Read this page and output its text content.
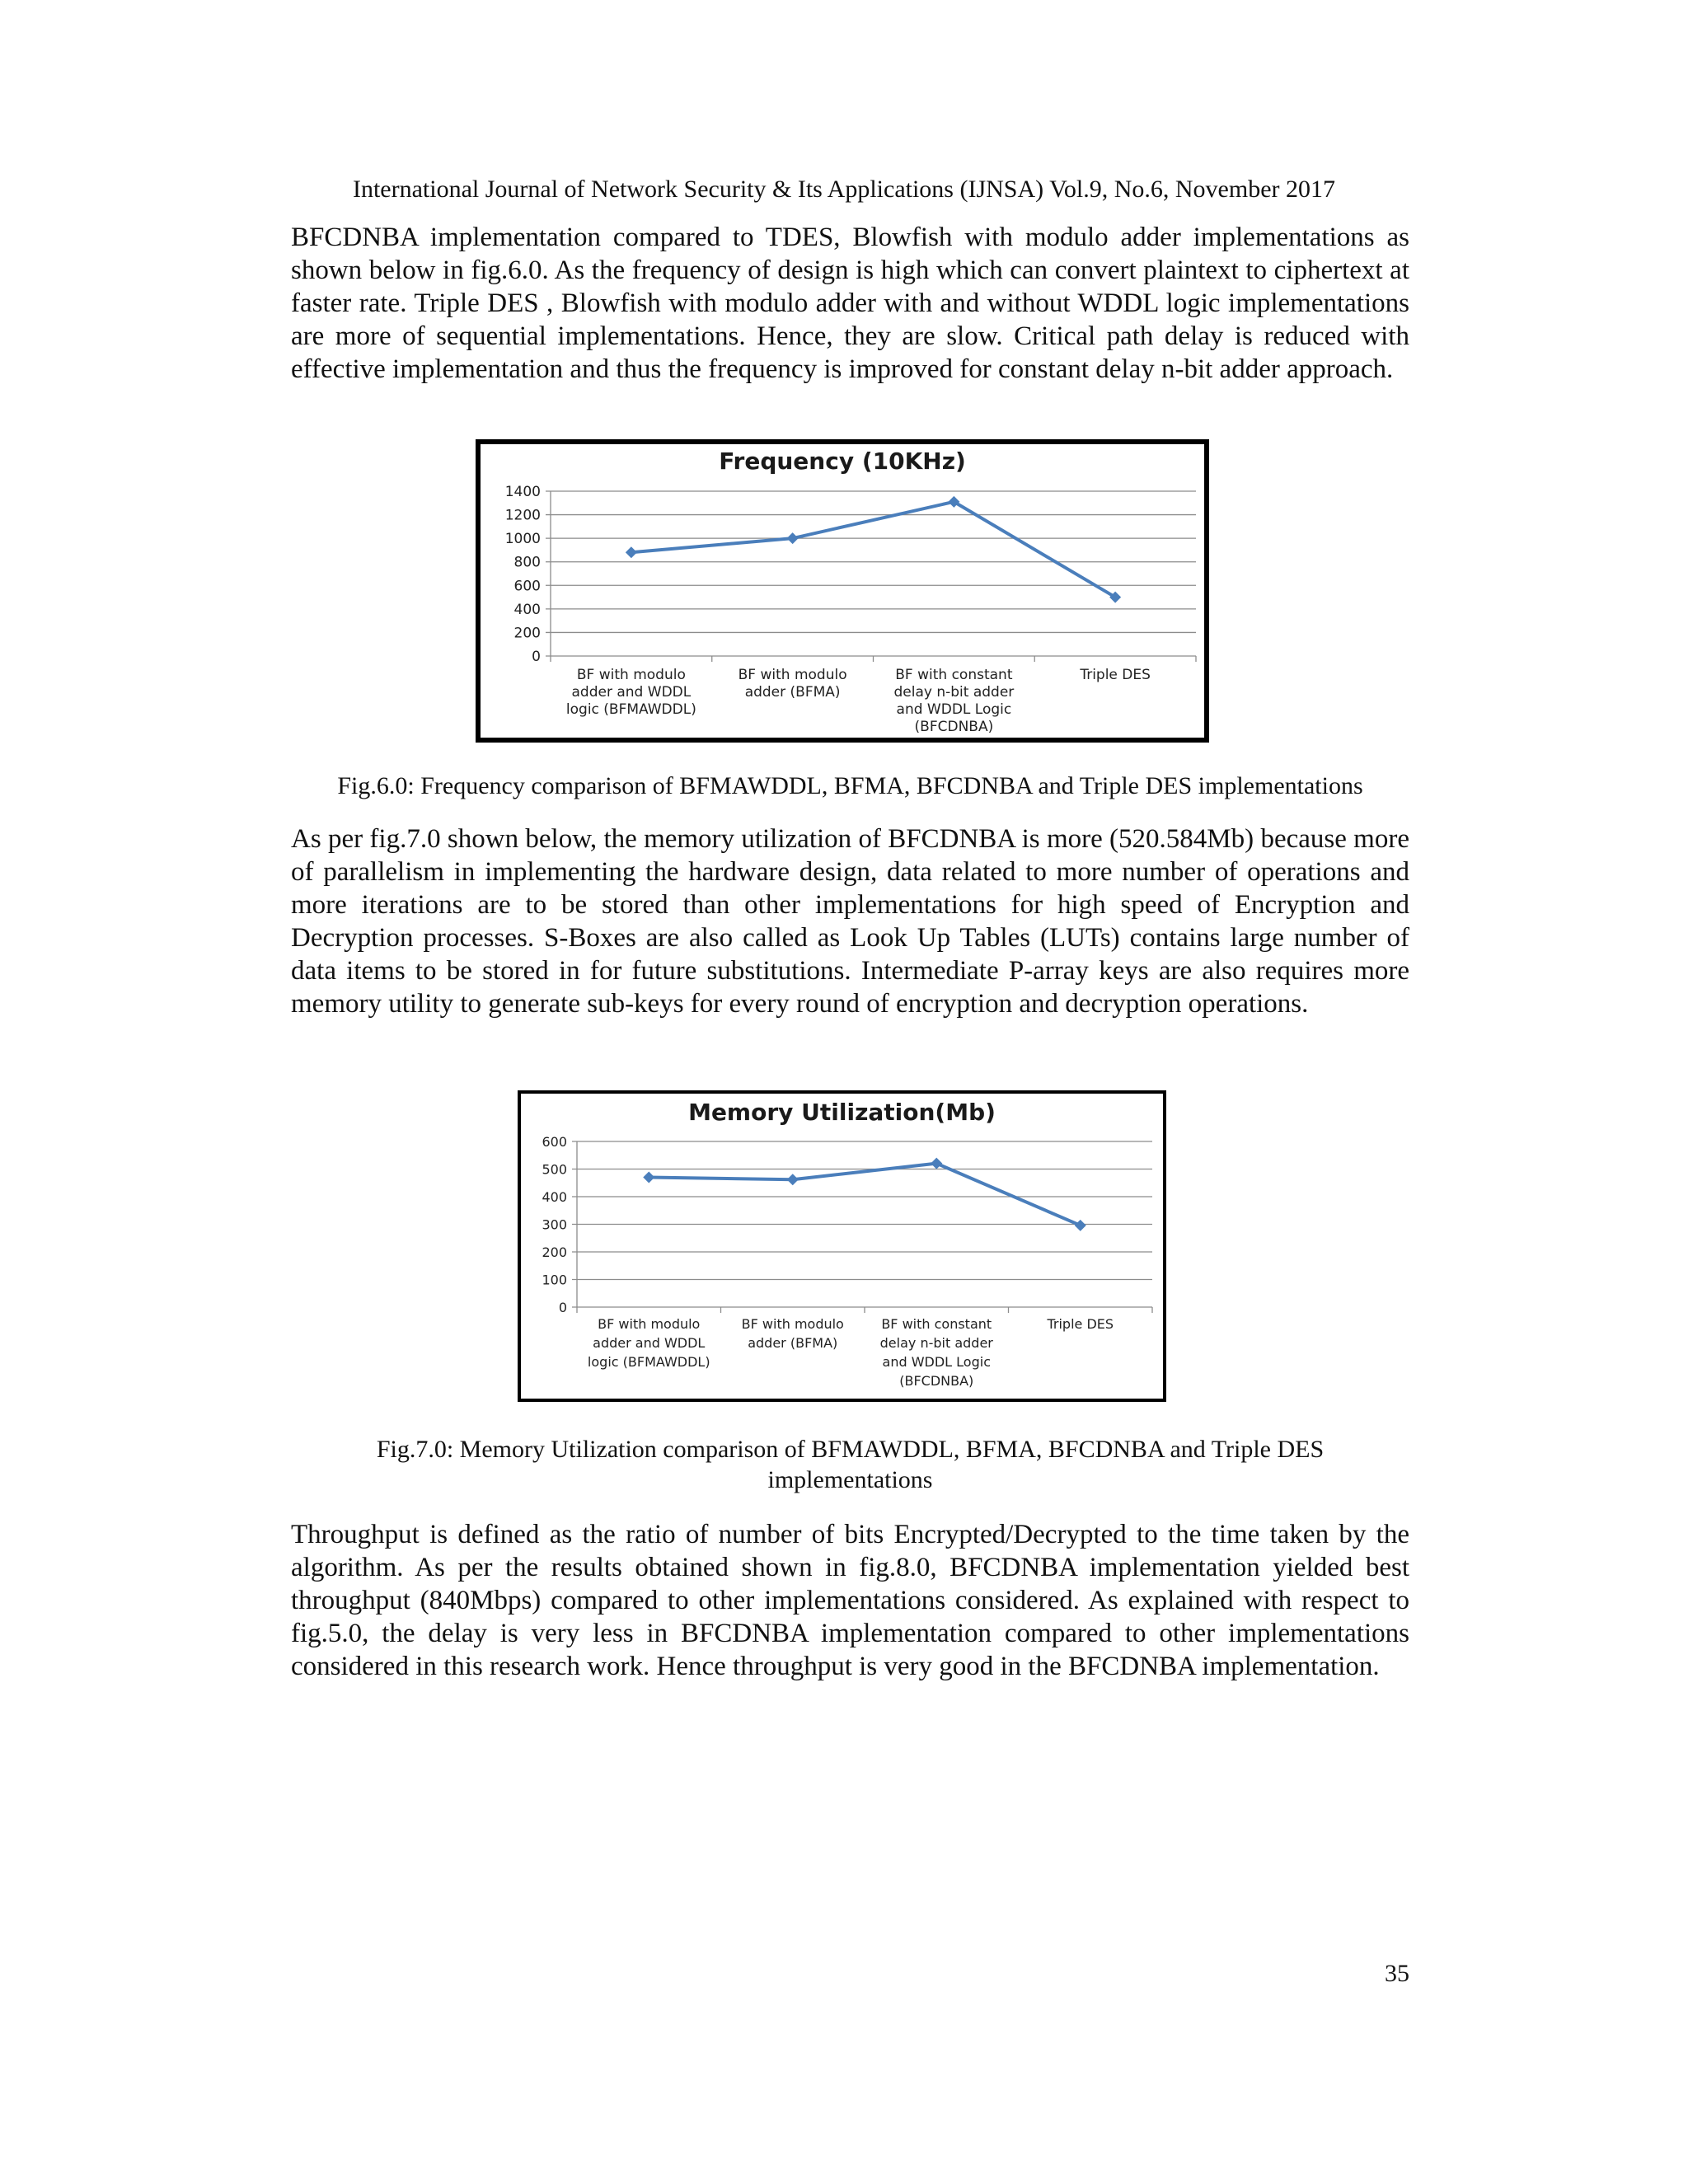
International Journal of Network Security & Its Applications (IJNSA) Vol.9, No.6, November 2017

BFCDNBA implementation compared to TDES, Blowfish with modulo adder implementations as shown below in fig.6.0. As the frequency of design is high which can convert plaintext to ciphertext at faster rate. Triple DES , Blowfish with modulo adder with and without WDDL logic implementations are more of sequential implementations. Hence, they are slow. Critical path delay is reduced with effective implementation and thus the frequency is improved for constant delay n-bit adder approach.

Frequency (10KHz)
0
200
400
600
800
1000
1200
1400
BF with modulo
adder and WDDL
logic (BFMAWDDL)
BF with modulo
adder (BFMA)
BF with constant
delay n-bit adder
and WDDL Logic
(BFCDNBA)
Triple DES

Fig.6.0: Frequency comparison of BFMAWDDL, BFMA, BFCDNBA and Triple DES implementations

As per fig.7.0 shown below, the memory utilization of BFCDNBA is more (520.584Mb) because more of parallelism in implementing the hardware design, data related to more number of operations and more iterations are to be stored than other implementations for high speed of Encryption and Decryption processes. S-Boxes are also called as Look Up Tables (LUTs) contains large number of data items to be stored in for future substitutions. Intermediate P-array keys are also requires more memory utility to generate sub-keys for every round of encryption and decryption operations.

Memory Utilization(Mb)
0
100
200
300
400
500
600
BF with modulo
adder and WDDL
logic (BFMAWDDL)
BF with modulo
adder (BFMA)
BF with constant
delay n-bit adder
and WDDL Logic
(BFCDNBA)
Triple DES
Fig.7.0: Memory Utilization comparison of BFMAWDDL, BFMA, BFCDNBA and Triple DES
implementations

Throughput is defined as the ratio of number of bits Encrypted/Decrypted to the time taken by the algorithm. As per the results obtained shown in fig.8.0, BFCDNBA implementation yielded best throughput (840Mbps) compared to other implementations considered. As explained with respect to fig.5.0, the delay is very less in BFCDNBA implementation compared to other implementations considered in this research work. Hence throughput is very good in the BFCDNBA implementation.

35
